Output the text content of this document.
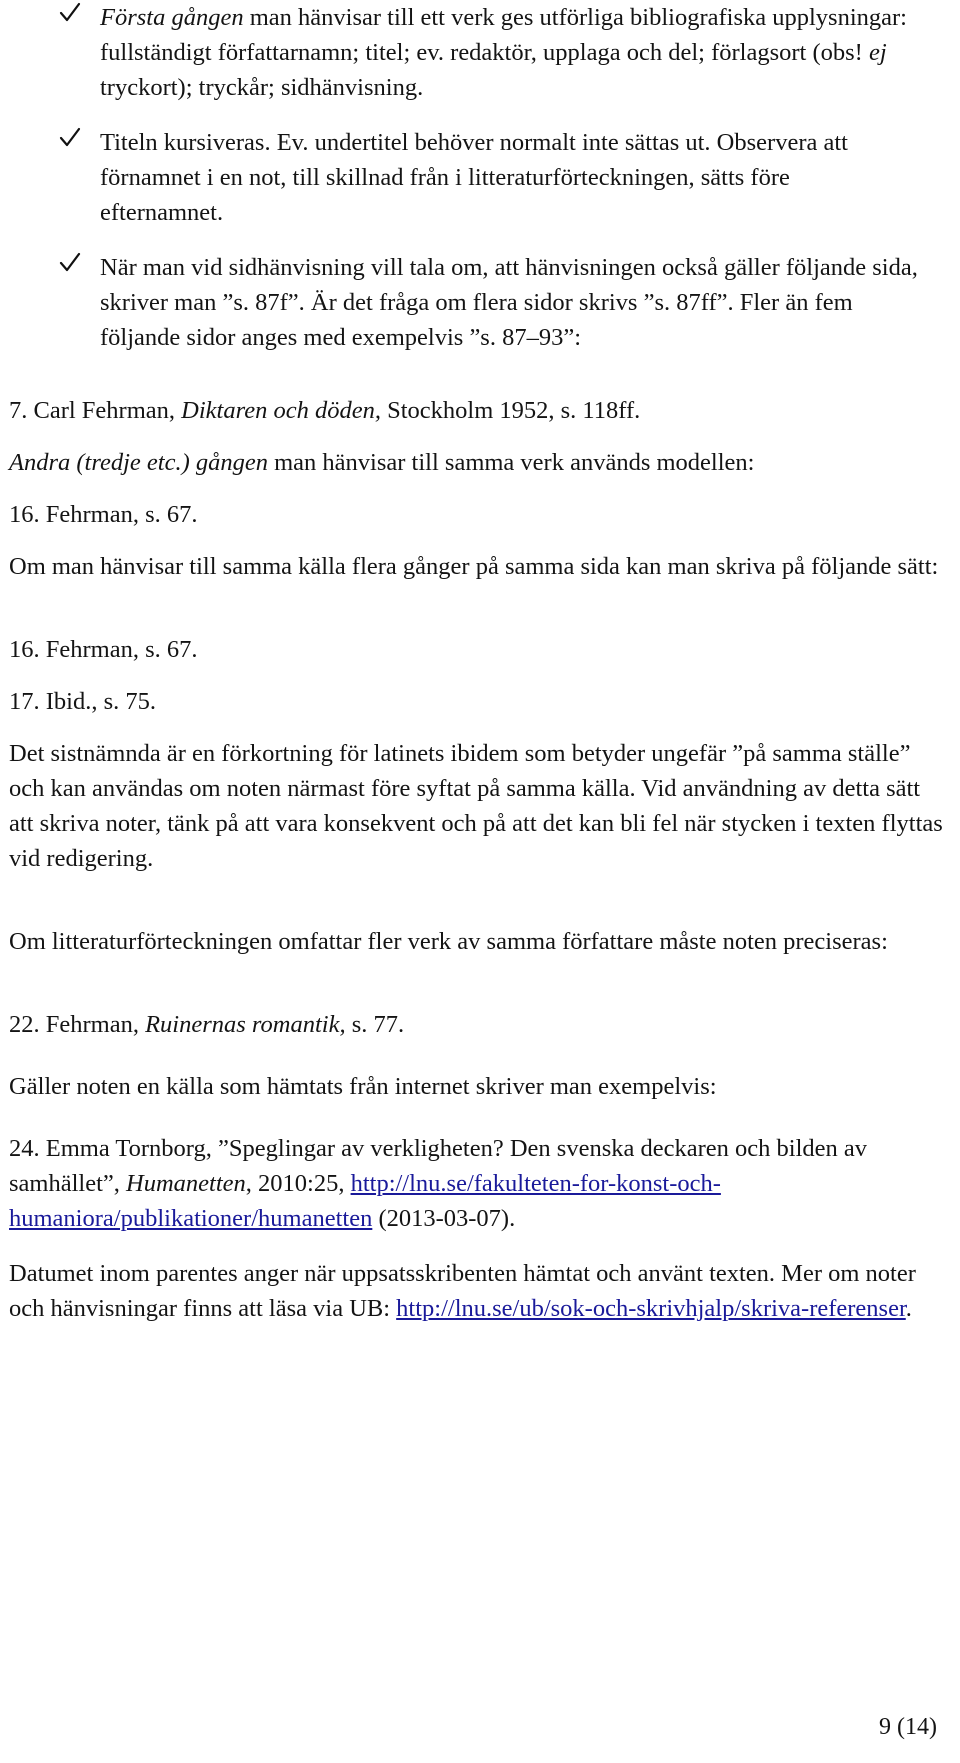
Första gången man hänvisar till ett verk ges utförliga bibliografiska upplysningar: fullständigt författarnamn; titel; ev. redaktör, upplaga och del; förlagsort (obs! ej tryckort); tryckår; sidhänvisning.

Titeln kursiveras. Ev. undertitel behöver normalt inte sättas ut. Observera att förnamnet i en not, till skillnad från i litteraturförteckningen, sätts före efternamnet.

När man vid sidhänvisning vill tala om, att hänvisningen också gäller följande sida, skriver man ”s. 87f”. Är det fråga om flera sidor skrivs ”s. 87ff”. Fler än fem följande sidor anges med exempelvis ”s. 87–93”:

7. Carl Fehrman, Diktaren och döden, Stockholm 1952, s. 118ff.

Andra (tredje etc.) gången man hänvisar till samma verk används modellen:

16. Fehrman, s. 67.

Om man hänvisar till samma källa flera gånger på samma sida kan man skriva på följande sätt:

16. Fehrman, s. 67.

17. Ibid., s. 75.

Det sistnämnda är en förkortning för latinets ibidem som betyder ungefär ”på samma ställe” och kan användas om noten närmast före syftat på samma källa. Vid användning av detta sätt att skriva noter, tänk på att vara konsekvent och på att det kan bli fel när stycken i texten flyttas vid redigering.

Om litteraturförteckningen omfattar fler verk av samma författare måste noten preciseras:

22. Fehrman, Ruinernas romantik, s. 77.

Gäller noten en källa som hämtats från internet skriver man exempelvis:

24. Emma Tornborg, ”Speglingar av verkligheten? Den svenska deckaren och bilden av samhället”, Humanetten, 2010:25, http://lnu.se/fakulteten-for-konst-och-humaniora/publikationer/humanetten (2013-03-07).

Datumet inom parentes anger när uppsatsskribenten hämtat och använt texten. Mer om noter och hänvisningar finns att läsa via UB: http://lnu.se/ub/sok-och-skrivhjalp/skriva-referenser.

9 (14)
